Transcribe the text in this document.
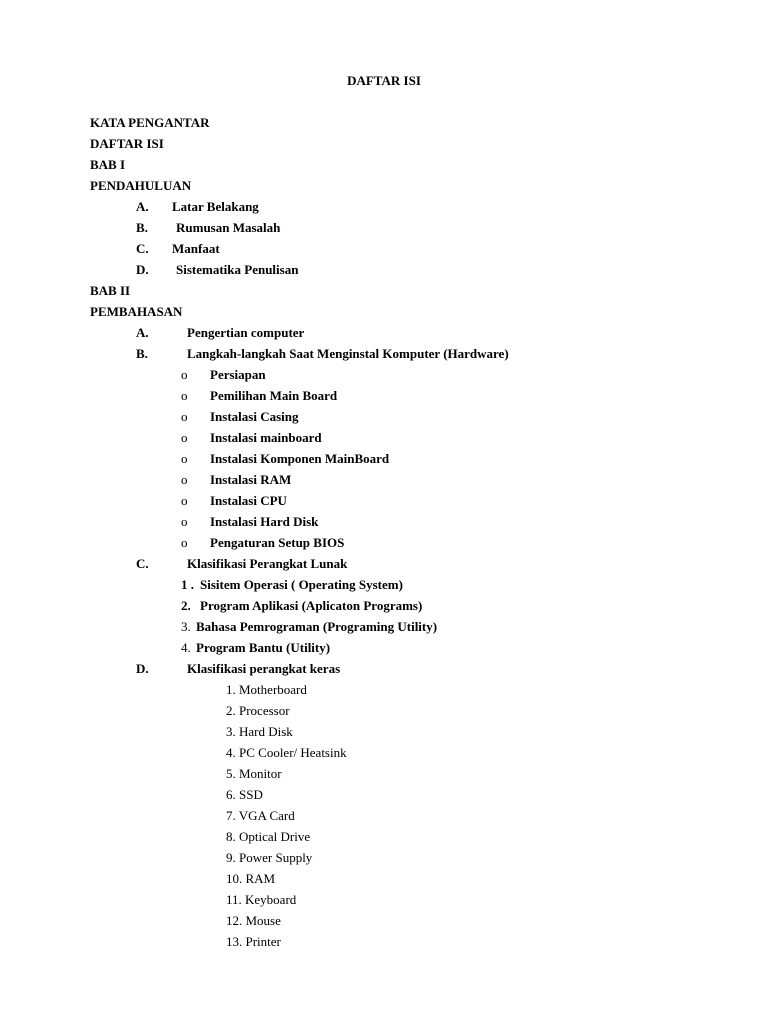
DAFTAR ISI
KATA PENGANTAR
DAFTAR ISI
BAB I
PENDAHULUAN
A. Latar Belakang
B. Rumusan Masalah
C. Manfaat
D. Sistematika Penulisan
BAB II
PEMBAHASAN
A.	Pengertian computer
B.	Langkah-langkah Saat Menginstal Komputer (Hardware)
o Persiapan
o Pemilihan Main Board
o Instalasi Casing
o Instalasi mainboard
o Instalasi Komponen MainBoard
o Instalasi RAM
o Instalasi CPU
o Instalasi Hard Disk
o Pengaturan Setup BIOS
C.	Klasifikasi Perangkat Lunak
1 . Sisitem Operasi ( Operating System)
2. Program Aplikasi (Aplicaton Programs)
3. Bahasa Pemrograman (Programing Utility)
4. Program Bantu (Utility)
D.	Klasifikasi perangkat keras
1. Motherboard
2. Processor
3. Hard Disk
4. PC Cooler/ Heatsink
5. Monitor
6. SSD
7. VGA Card
8. Optical Drive
9. Power Supply
10. RAM
11. Keyboard
12. Mouse
13. Printer
